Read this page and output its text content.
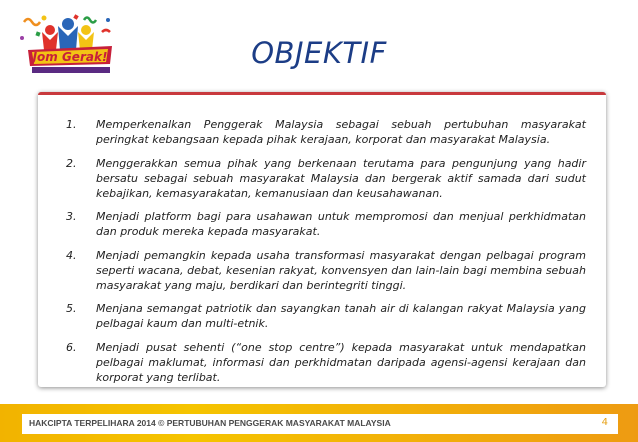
Jom Gerak!	OBJEKTIF
1.	Memperkenalkan Penggerak Malaysia sebagai sebuah pertubuhan masyarakat peringkat kebangsaan kepada pihak kerajaan, korporat dan masyarakat Malaysia.
2.	Menggerakkan semua pihak yang berkenaan terutama para pengunjung yang hadir bersatu sebagai sebuah masyarakat Malaysia dan bergerak aktif samada dari sudut kebajikan, kemasyarakatan, kemanusiaan dan keusahawanan.
3.	Menjadi platform bagi para usahawan untuk mempromosi dan menjual perkhidmatan dan produk mereka kepada masyarakat.
4.	Menjadi pemangkin kepada usaha transformasi masyarakat dengan pelbagai program seperti wacana, debat, kesenian rakyat, konvensyen dan lain-lain bagi membina sebuah masyarakat yang maju, berdikari dan berintegriti tinggi.
5.	Menjana semangat patriotik dan sayangkan tanah air di kalangan rakyat Malaysia yang pelbagai kaum dan multi-etnik.
6.	Menjadi pusat sehenti (“one stop centre”) kepada masyarakat untuk mendapatkan pelbagai maklumat, informasi dan perkhidmatan daripada agensi-agensi kerajaan dan korporat yang terlibat.
HAKCIPTA TERPELIHARA 2014 © PERTUBUHAN PENGGERAK MASYARAKAT MALAYSIA	4
